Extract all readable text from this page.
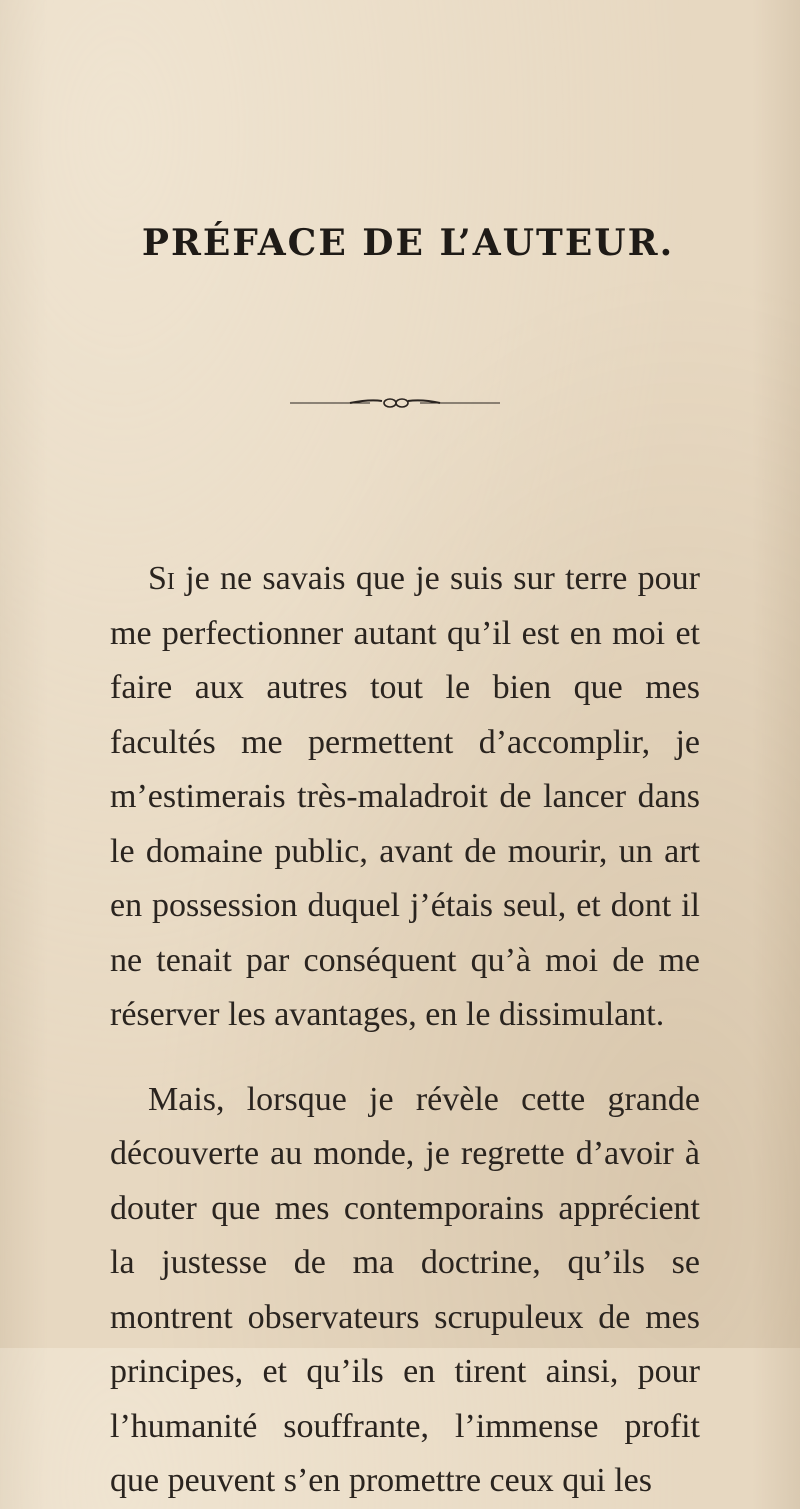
PRÉFACE DE L’AUTEUR.

Si je ne savais que je suis sur terre pour me perfectionner autant qu’il est en moi et faire aux autres tout le bien que mes facultés me permettent d’accomplir, je m’estimerais très-maladroit de lancer dans le domaine public, avant de mourir, un art en possession duquel j’étais seul, et dont il ne tenait par conséquent qu’à moi de me réserver les avantages, en le dissimulant.

Mais, lorsque je révèle cette grande découverte au monde, je regrette d’avoir à douter que mes contemporains apprécient la justesse de ma doctrine, qu’ils se montrent observateurs scrupuleux de mes principes, et qu’ils en tirent ainsi, pour l’humanité souffrante, l’immense profit que peuvent s’en promettre ceux qui les
